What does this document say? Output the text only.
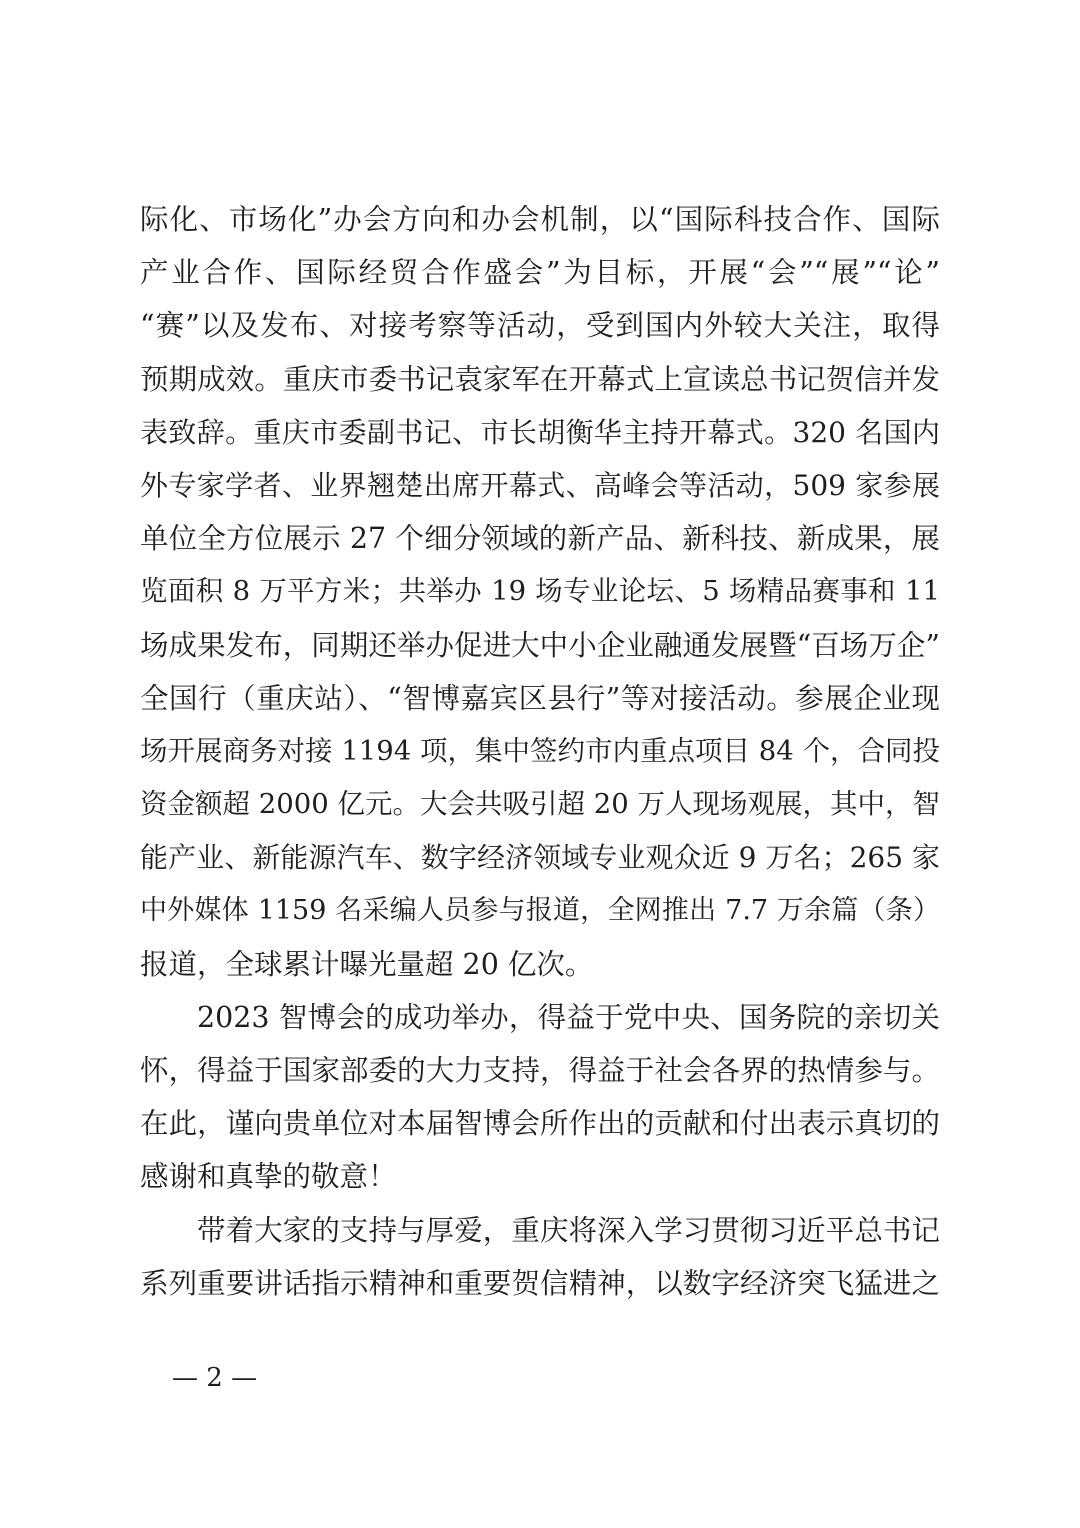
际化、市场化”办会方向和办会机制，以“国际科技合作、国际
产业合作、国际经贸合作盛会”为目标，开展“会”“展”“论”
“赛”以及发布、对接考察等活动，受到国内外较大关注，取得
预期成效。重庆市委书记袁家军在开幕式上宣读总书记贺信并发
表致辞。重庆市委副书记、市长胡衡华主持开幕式。320 名国内
外专家学者、业界翘楚出席开幕式、高峰会等活动，509 家参展
单位全方位展示 27 个细分领域的新产品、新科技、新成果，展
览面积 8 万平方米；共举办 19 场专业论坛、5 场精品赛事和 11
场成果发布，同期还举办促进大中小企业融通发展暨“百场万企”
全国行（重庆站）、“智博嘉宾区县行”等对接活动。参展企业现
场开展商务对接 1194 项，集中签约市内重点项目 84 个，合同投
资金额超 2000 亿元。大会共吸引超 20 万人现场观展，其中，智
能产业、新能源汽车、数字经济领域专业观众近 9 万名；265 家
中外媒体 1159 名采编人员参与报道，全网推出 7.7 万余篇（条）
报道，全球累计曝光量超 20 亿次。
2023 智博会的成功举办，得益于党中央、国务院的亲切关
怀，得益于国家部委的大力支持，得益于社会各界的热情参与。
在此，谨向贵单位对本届智博会所作出的贡献和付出表示真切的
感谢和真挚的敬意！
带着大家的支持与厚爱，重庆将深入学习贯彻习近平总书记
系列重要讲话指示精神和重要贺信精神，以数字经济突飞猛进之
— 2 —
